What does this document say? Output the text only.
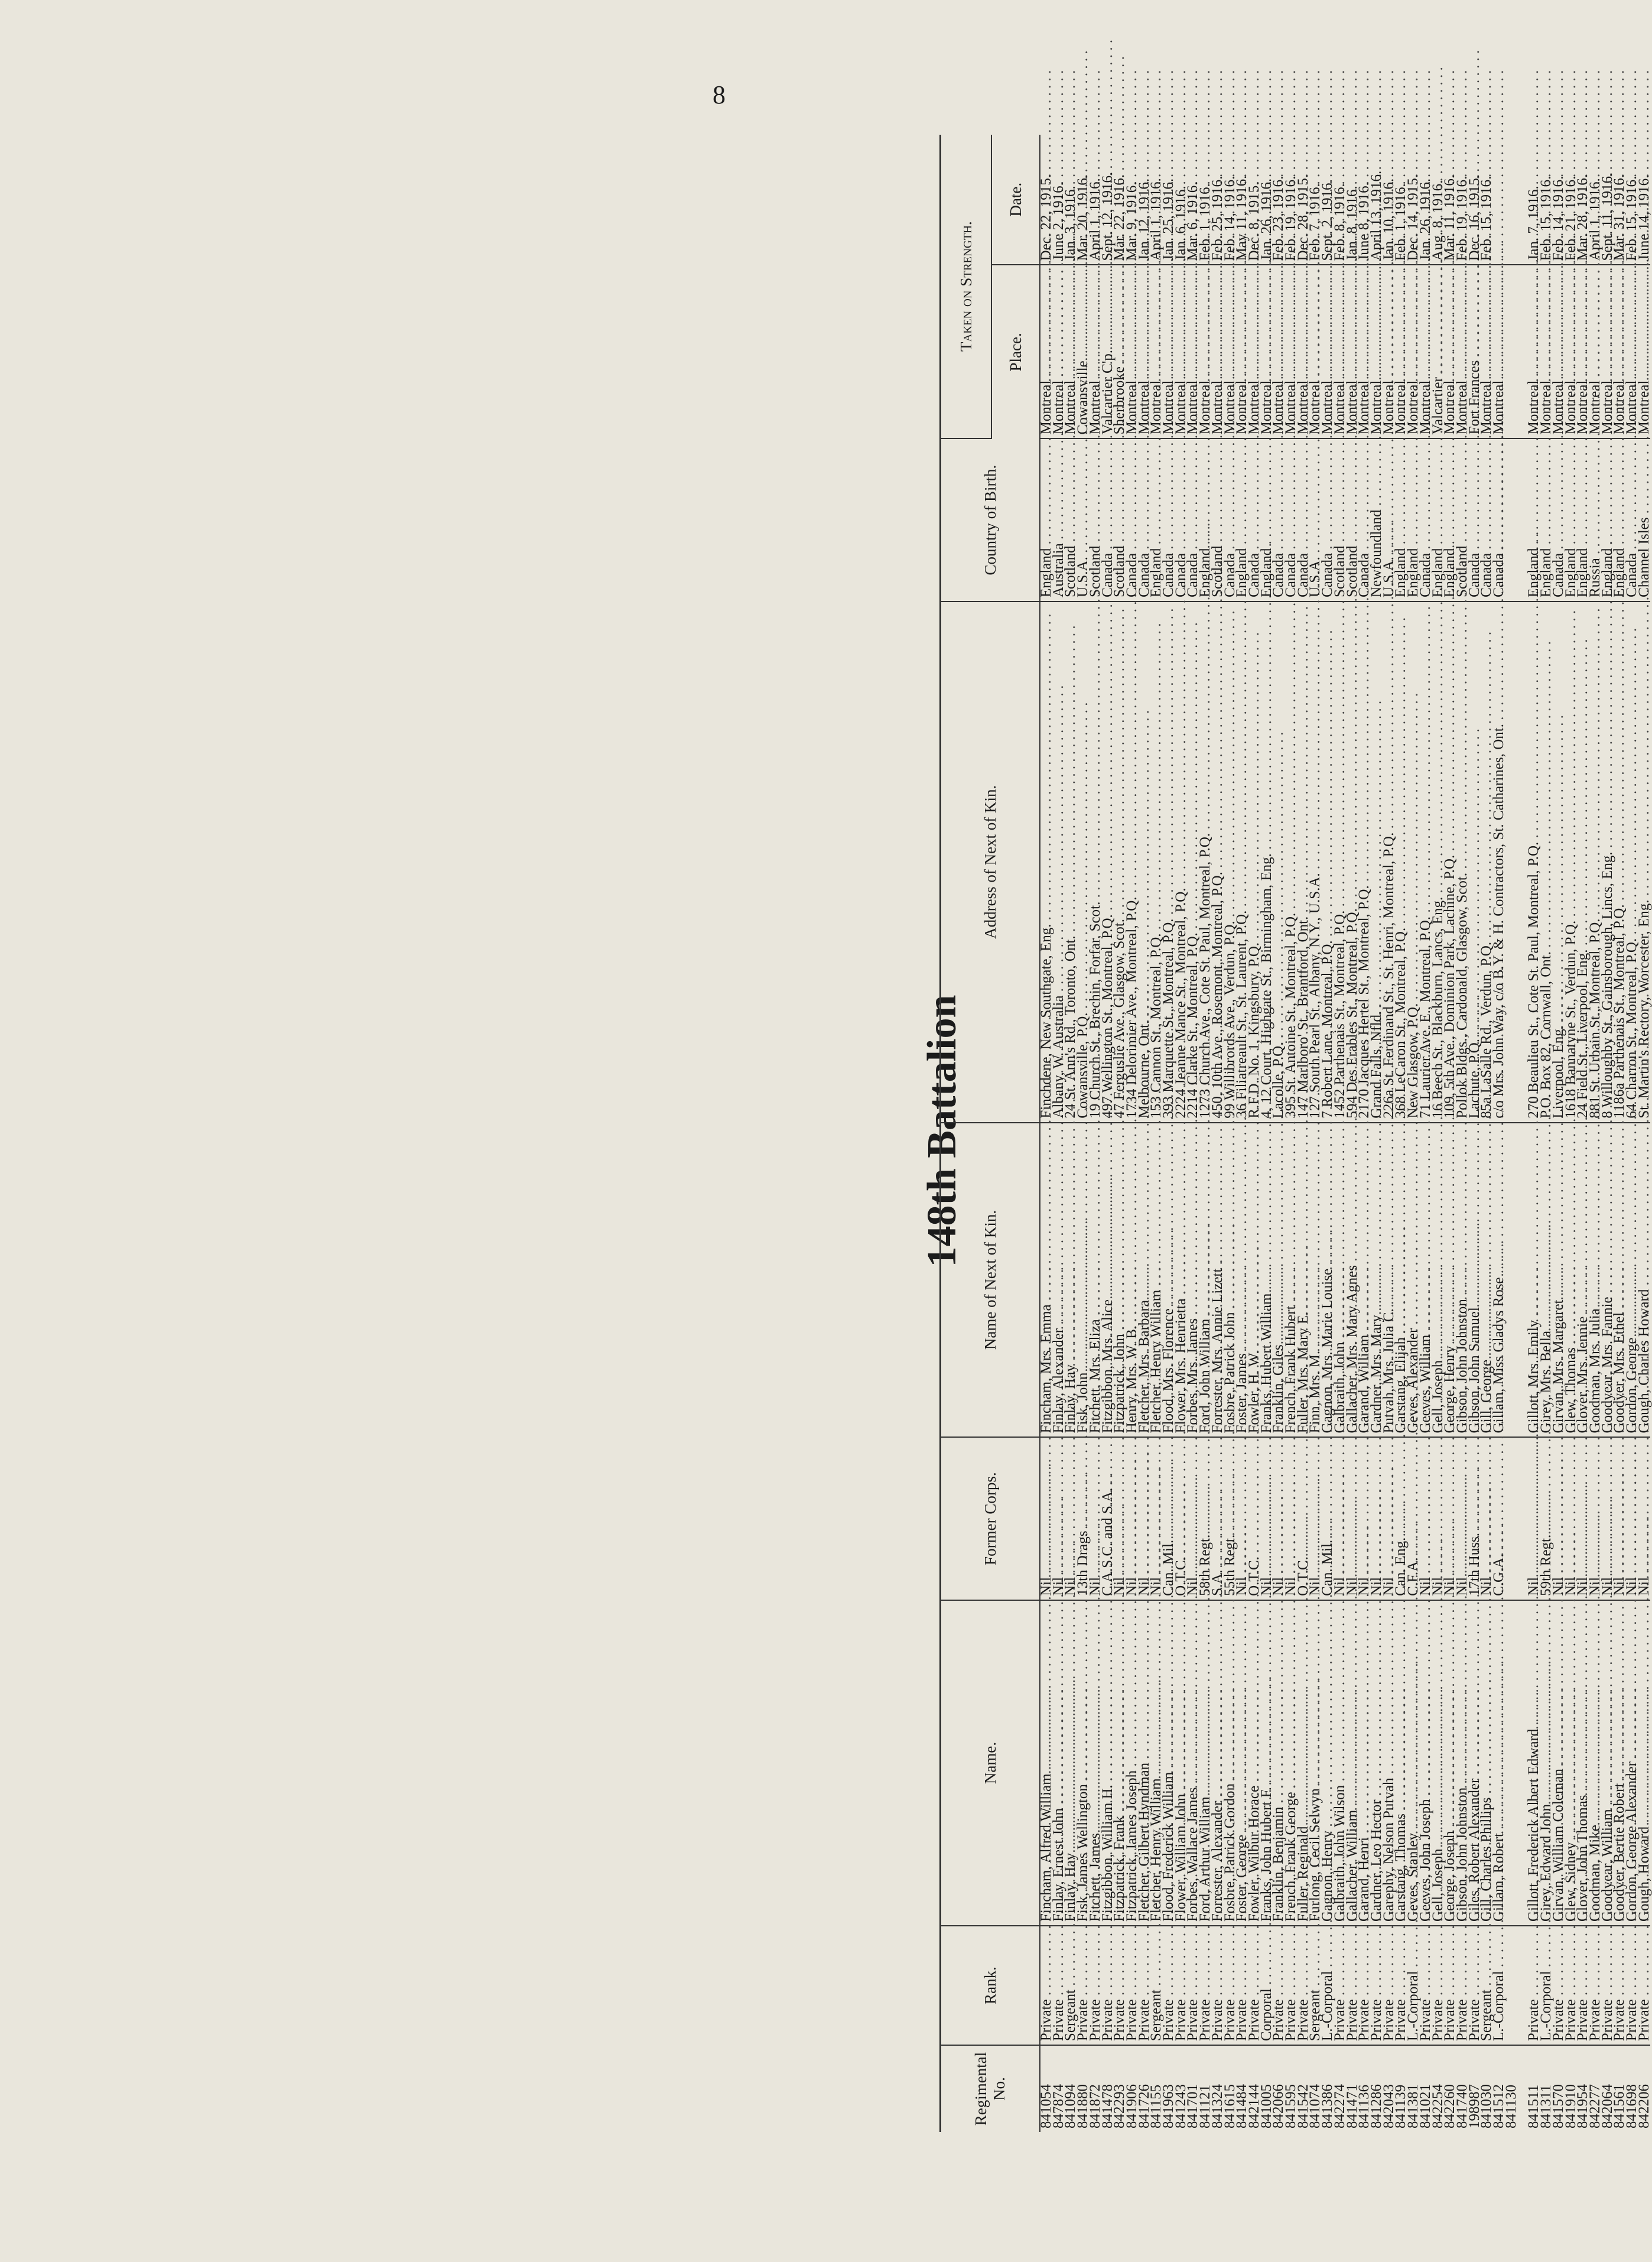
8
148th Battalion
Regimental No.	Rank.	Name.	Former Corps.	Name of Next of Kin.	Address of Next of Kin.	Country of Birth.	Taken on Strength.	
							Place.	Date.
841054	Private . . .	Fincham, Alfred William . . .	Nil . . .	Fincham, Mrs. Emma . . .	Finchdene, New Southgate, Eng. . . .	England . . .	Montreal . . .	Dec. 22, 1915.
847874	Private . . .	Finlay, Ernest John . . .	Nil . . .	Finlay, Alexander . . .	Albany, W. Australia . . .	Australia . . .	Montreal . . .	June 2, 1916.
841094	Sergeant . . .	Finlay, Hay . . .	Nil . . .	Finlay, Hay . . .	24 St. Ann's Rd., Toronto, Ont. . . .	Scotland . . .	Montreal . . .	Jan. 3, 1916.
841880	Private . . .	Fisk, James Wellington . . .	13th Drags . . .	Fisk, John . . .	Cowansville, P.Q. . . .	U.S.A. . . .	Cowansville . . .	Mar. 20, 1916.
841872	Private . . .	Fitchett, James . . .	Nil . . .	Fitchett, Mrs. Eliza . . .	19 Church St., Brechin, Forfar, Scot. . . .	Scotland . . .	Montreal . . .	April 1, 1916.
841478	Private . . .	Fitzgibbon, William H. . . .	C.A.S.C. and S.A. . . .	Fitzgibbon, Mrs. Alice . . .	497 Wellington St., Montreal, P.Q. . . .	Canada . . .	Valcartier C'p. . . .	Sept. 12, 1916.
842293	Private . . .	Fitzpatrick, Frank . . .	Nil . . .	Fitzpatrick, John . . .	47 Ferguslie Ave., Glasgow, Scot. . . .	Scotland . . .	Sherbrooke . . .	Mar. 22, 1916.
841906	Private . . .	Fitzpatrick, James Joseph . . .	Nil . . .	Henry, Mrs. W. B. . . .	1734 Delorimier Ave., Montreal, P.Q. . . .	Canada . . .	Montreal . . .	Mar. 9, 1916.
841726	Private . . .	Fletcher, Gilbert Hyndman . . .	Nil . . .	Fletcher, Mrs. Barbara . . .	Melbourne, Ont. . . .	Canada . . .	Montreal . . .	Jan. 12, 1916.
841155	Sergeant . . .	Fletcher, Henry William . . .	Nil . . .	Fletcher, Henry William . . .	153 Cannon St., Montreal, P.Q. . . .	England . . .	Montreal . . .	April 1, 1916.
841963	Private . . .	Flood, Frederick William . . .	Can. Mil. . . .	Flood, Mrs. Florence . . .	393 Marquette St., Montreal, P.Q. . . .	Canada . . .	Montreal . . .	Jan. 25, 1916.
841243	Private . . .	Flower, William John . . .	O.T.C. . . .	Flower, Mrs. Henrietta . . .	2224 Jeanne Mance St., Montreal, P.Q. . . .	Canada . . .	Montreal . . .	Jan. 6, 1916.
841701	Private . . .	Forbes, Wallace James . . .	Nil . . .	Forbes, Mrs. James . . .	2214 Clarke St., Montreal, P.Q. . . .	Canada . . .	Montreal . . .	Mar. 6, 1916.
841121	Private . . .	Ford, Arthur William . . .	58th Regt. . . .	Ford, John William . . .	1273 Church Ave., Cote St. Paul, Montreal, P.Q. . . .	England . . .	Montreal . . .	Feb. 1, 1916.
841324	Private . . .	Forrester, Alexander . . .	S.A. . . .	Forrester, Mrs. Annie Lizett . . .	450, 10th Ave., Rosemont, Montreal, P.Q. . . .	Scotland . . .	Montreal . . .	Feb. 25, 1916.
841615	Private . . .	Fosbre, Patrick Gordon . . .	55th Regt. . . .	Fosbre, Patrick John . . .	99 Willibrords Ave., Verdun, P.Q. . . .	Canada . . .	Montreal . . .	Feb. 14, 1916.
841484	Private . . .	Foster, George . . .	Nil . . .	Foster, James . . .	36 Filiatreault St., St. Laurent, P.Q. . . .	England . . .	Montreal . . .	May 11, 1916.
842144	Private . . .	Fowler, Wilbur Horace . . .	O.T.C. . . .	Fowler, H. W. . . .	R.F.D. No. 1, Kingsbury, P.Q. . . .	Canada . . .	Montreal . . .	Dec. 8, 1915.
841005	Corporal . . .	Franks, John Hubert F. . . .	Nil . . .	Franks, Hubert William . . .	4, 12 Court, Highgate St., Birmingham, Eng. . . .	England . . .	Montreal . . .	Jan. 26, 1916.
842066	Private . . .	Franklin, Benjamin . . .	Nil . . .	Franklin, Giles . . .	Lacolle, P.Q. . . .	Canada . . .	Montreal . . .	Feb. 23, 1916.
841595	Private . . .	French, Frank George . . .	Nil . . .	French, Frank Hubert . . .	395 St. Antoine St., Montreal, P.Q. . . .	Canada . . .	Montreal . . .	Feb. 19, 1916.
841542	Private . . .	Fuller, Reginald . . .	O.T.C. . . .	Fuller, Mrs. Mary E. . . .	147 Marlboro' St., Brantford, Ont. . . .	Canada . . .	Montreal . . .	Dec. 28, 1915.
841074	Sergeant . . .	Furlong, Cecil Selwyn . . .	Nil . . .	Finn, Mrs. M. . . .	127 South Pearl St., Albany, N.Y., U.S.A. . . .	U.S.A. . . .	Montreal . . .	Feb. 7, 1916.
841386	L.-Corporal . . .	Gagnon, Henry . . .	Can. Mil. . . .	Gagnon, Mrs. Marie Louise . . .	7 Robert Lane, Montreal, P.Q. . . .	Canada . . .	Montreal . . .	Sept. 2, 1916.
842274	Private . . .	Galbraith, John Wilson . . .	Nil . . .	Galbraith, John . . .	1452 Parthenais St., Montreal, P.Q. . . .	Scotland . . .	Montreal . . .	Feb. 8, 1916.
841471	Private . . .	Gallacher, William . . .	Nil . . .	Gallacher, Mrs. Mary Agnes . . .	594 Des Erables St., Montreal, P.Q. . . .	Scotland . . .	Montreal . . .	Jan. 8, 1916.
841136	Private . . .	Garand, Henri . . .	Nil . . .	Garand, William . . .	2170 Jacques Hertel St., Montreal, P.Q. . . .	Canada . . .	Montreal . . .	June 8, 1916.
841286	Private . . .	Gardner, Leo Hector . . .	Nil . . .	Gardner, Mrs. Mary . . .	Grand Falls, Nfld. . . .	Newfoundland . . .	Montreal . . .	April 13, 1916.
842043	Private . . .	Garephy, Nelson Putvah . . .	Nil . . .	Putvah, Mrs. Julia C. . . .	226a St. Ferdinand St., St. Henri, Montreal, P.Q. . . .	U.S.A. . . .	Montreal . . .	Jan. 10, 1916.
841139	Private . . .	Garstang, Thomas . . .	Can. Eng. . . .	Garstang, Elijah . . .	368 LeCaron St., Montreal, P.Q. . . .	England . . .	Montreal . . .	Feb. 1, 1916.
841381	L.-Corporal . . .	Geves, Stanley . . .	C.F.A. . . .	Geves, Alexander . . .	New Glasgow, P.Q. . . .	England . . .	Montreal . . .	Dec. 14, 1915.
841021	Private . . .	Geeves, John Joseph . . .	Nil . . .	Geeves, William . . .	71 Laurier Ave. E., Montreal, P.Q. . . .	Canada . . .	Montreal . . .	Jan. 26, 1916.
842254	Private . . .	Gell, Joseph . . .	Nil . . .	Gell, Joseph . . .	16 Beech St., Blackburn, Lancs, Eng. . . .	England . . .	Valcartier . . .	Aug. 8, 1916.
842260	Private . . .	George, Joseph . . .	Nil . . .	George, Henry . . .	109, 5th Ave., Dominion Park, Lachine, P.Q. . . .	England . . .	Montreal . . .	Mar. 11, 1916.
841740	Private . . .	Gibson, John Johnston . . .	Nil . . .	Gibson, John Johnston . . .	Pollok Bldgs., Cardonald, Glasgow, Scot. . . .	Scotland . . .	Montreal . . .	Feb. 19, 1916.
198987	Private . . .	Giles, Robert Alexander . . .	17th Huss. . . .	Gibson, John Samuel . . .	Lachute, P.Q. . . .	Canada . . .	Fort Frances . . .	Dec. 16, 1915.
841030	Sergeant . . .	Gill, Charles Phillips . . .	Nil . . .	Gill, George . . .	85a LaSalle Rd., Verdun, P.Q. . . .	Canada . . .	Montreal . . .	Feb. 15, 1916.
841512	L.-Corporal . . .	Gillam, Robert . . .	C.G.A. . . .	Gillam, Miss Gladys Rose . . .	c/o Mrs. John Way, c/o B.Y. & H. Contractors, St. Catharines, Ont. . . .	Canada . . .	Montreal . . .	
841130								

841511	Private . . .	Gillott, Frederick Albert Edward . . .	Nil . . .	Gillott, Mrs. Emily . . .	270 Beaulieu St., Cote St. Paul, Montreal, P.Q. . . .	England . . .	Montreal . . .	Jan. 7, 1916.
841311	L.-Corporal . . .	Girey, Edward John . . .	59th Regt. . . .	Girey, Mrs. Bella . . .	P.O. Box 82, Cornwall, Ont. . . .	England . . .	Montreal . . .	Feb. 15, 1916.
841570	Private . . .	Girvan, William Coleman . . .	Nil . . .	Girvan, Mrs. Margaret . . .	Liverpool, Eng. . . .	Canada . . .	Montreal . . .	Feb. 14, 1916.
841910	Private . . .	Glew, Sidney . . .	Nil . . .	Glew, Thomas . . .	1618 Bannatyne St., Verdun, P.Q. . . .	England . . .	Montreal . . .	Feb. 21, 1916.
841954	Private . . .	Glover, John Thomas . . .	Nil . . .	Glover, Mrs. Jennie . . .	24 Field St., Liverpool, Eng. . . .	England . . .	Montreal . . .	Mar. 28, 1916.
842277	Private . . .	Goodman, Mike . . .	Nil . . .	Goodman, Mrs. Julia . . .	881 St. Urbain St., Montreal, P.Q. . . .	Russia . . .	Montreal . . .	April 1, 1916.
842064	Private . . .	Goodyear, William . . .	Nil . . .	Goodyear, Mrs. Fannie . . .	8 Willoughby St., Gainsborough, Lincs, Eng. . . .	England . . .	Montreal . . .	Sept. 11, 1916.
841561	Private . . .	Goodyer, Bertie Robert . . .	Nil . . .	Goodyer, Mrs. Ethel . . .	1186a Parthenais St., Montreal, P.Q. . . .	England . . .	Montreal . . .	Mar. 31, 1916.
841698	Private . . .	Gordon, George Alexander . . .	Nil . . .	Gordon, George . . .	64 Charron St., Montreal, P.Q. . . .	Canada . . .	Montreal . . .	Feb. 15, 1916.
842206	Private . . .	Gough, Howard . . .	Nil . . .	Gough, Charles Howard . . .	St. Martin's Rectory, Worcester, Eng. . . .	Channel Isles . . .	Montreal . . .	June 14, 1916.
